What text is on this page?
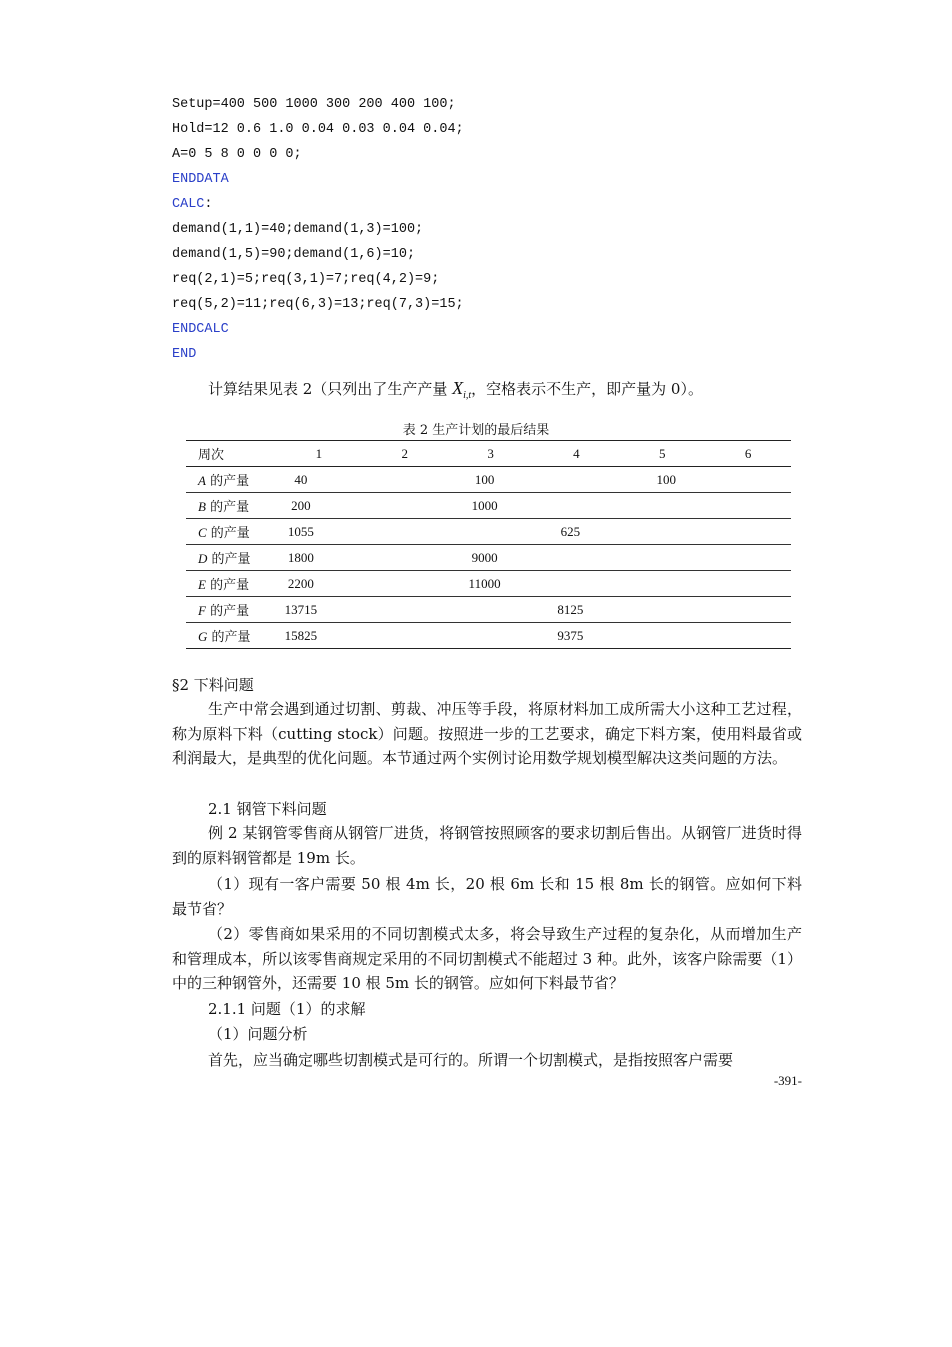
Setup=400 500 1000 300 200 400 100;
Hold=12 0.6 1.0 0.04 0.03 0.04 0.04;
A=0 5 8 0 0 0 0;
ENDDATA
CALC:
demand(1,1)=40;demand(1,3)=100;
demand(1,5)=90;demand(1,6)=10;
req(2,1)=5;req(3,1)=7;req(4,2)=9;
req(5,2)=11;req(6,3)=13;req(7,3)=15;
ENDCALC
END
计算结果见表 2（只列出了生产产量 $X_{i,t}$，空格表示不生产，即产量为 0）。
表 2 生产计划的最后结果
周次	1	2	3	4	5	6
A 的产量	40		100		100	
B 的产量	200		1000			
C 的产量	1055			625		
D 的产量	1800		9000			
E 的产量	2200		11000			
F 的产量	13715			8125		
G 的产量	15825			9375		
§2 下料问题
生产中常会遇到通过切割、剪裁、冲压等手段，将原材料加工成所需大小这种工艺过程，称为原料下料（cutting stock）问题。按照进一步的工艺要求，确定下料方案，使用料最省或利润最大，是典型的优化问题。本节通过两个实例讨论用数学规划模型解决这类问题的方法。
2.1 钢管下料问题
例 2 某钢管零售商从钢管厂进货，将钢管按照顾客的要求切割后售出。从钢管厂进货时得到的原料钢管都是 19m 长。
（1）现有一客户需要 50 根 4m 长，20 根 6m 长和 15 根 8m 长的钢管。应如何下料最节省？
（2）零售商如果采用的不同切割模式太多，将会导致生产过程的复杂化，从而增加生产和管理成本，所以该零售商规定采用的不同切割模式不能超过 3 种。此外，该客户除需要（1）中的三种钢管外，还需要 10 根 5m 长的钢管。应如何下料最节省？
2.1.1 问题（1）的求解
（1）问题分析
首先，应当确定哪些切割模式是可行的。所谓一个切割模式，是指按照客户需要
-391-
